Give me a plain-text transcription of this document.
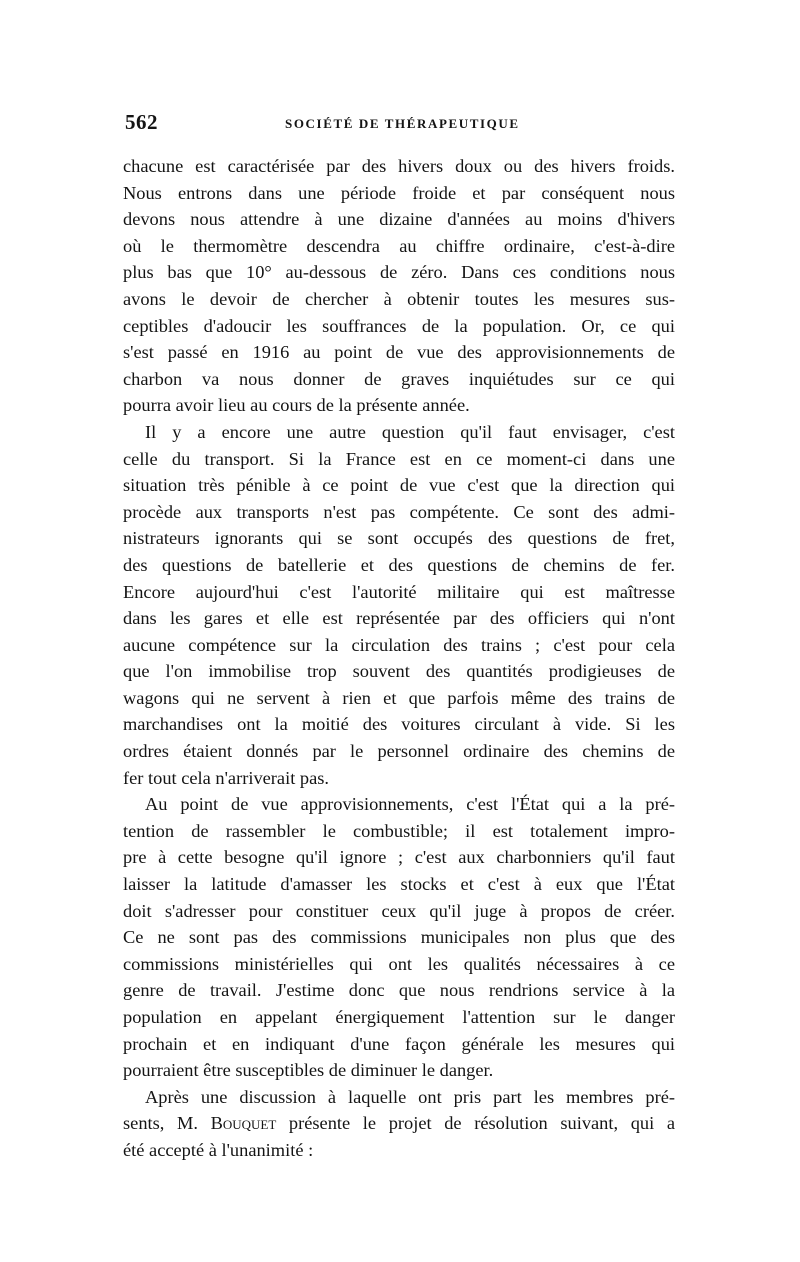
562	SOCIÉTÉ DE THÉRAPEUTIQUE

chacune est caractérisée par des hivers doux ou des hivers froids.
Nous entrons dans une période froide et par conséquent nous
devons nous attendre à une dizaine d'années au moins d'hivers
où le thermomètre descendra au chiffre ordinaire, c'est-à-dire
plus bas que 10° au-dessous de zéro. Dans ces conditions nous
avons le devoir de chercher à obtenir toutes les mesures sus-
ceptibles d'adoucir les souffrances de la population. Or, ce qui
s'est passé en 1916 au point de vue des approvisionnements de
charbon va nous donner de graves inquiétudes sur ce qui
pourra avoir lieu au cours de la présente année.

Il y a encore une autre question qu'il faut envisager, c'est
celle du transport. Si la France est en ce moment-ci dans une
situation très pénible à ce point de vue c'est que la direction qui
procède aux transports n'est pas compétente. Ce sont des admi-
nistrateurs ignorants qui se sont occupés des questions de fret,
des questions de batellerie et des questions de chemins de fer.
Encore aujourd'hui c'est l'autorité militaire qui est maîtresse
dans les gares et elle est représentée par des officiers qui n'ont
aucune compétence sur la circulation des trains ; c'est pour cela
que l'on immobilise trop souvent des quantités prodigieuses de
wagons qui ne servent à rien et que parfois même des trains de
marchandises ont la moitié des voitures circulant à vide. Si les
ordres étaient donnés par le personnel ordinaire des chemins de
fer tout cela n'arriverait pas.

Au point de vue approvisionnements, c'est l'État qui a la pré-
tention de rassembler le combustible; il est totalement impro-
pre à cette besogne qu'il ignore ; c'est aux charbonniers qu'il faut
laisser la latitude d'amasser les stocks et c'est à eux que l'État
doit s'adresser pour constituer ceux qu'il juge à propos de créer.
Ce ne sont pas des commissions municipales non plus que des
commissions ministérielles qui ont les qualités nécessaires à ce
genre de travail. J'estime donc que nous rendrions service à la
population en appelant énergiquement l'attention sur le danger
prochain et en indiquant d'une façon générale les mesures qui
pourraient être susceptibles de diminuer le danger.

Après une discussion à laquelle ont pris part les membres pré-
sents, M. Bouquet présente le projet de résolution suivant, qui a
été accepté à l'unanimité :
